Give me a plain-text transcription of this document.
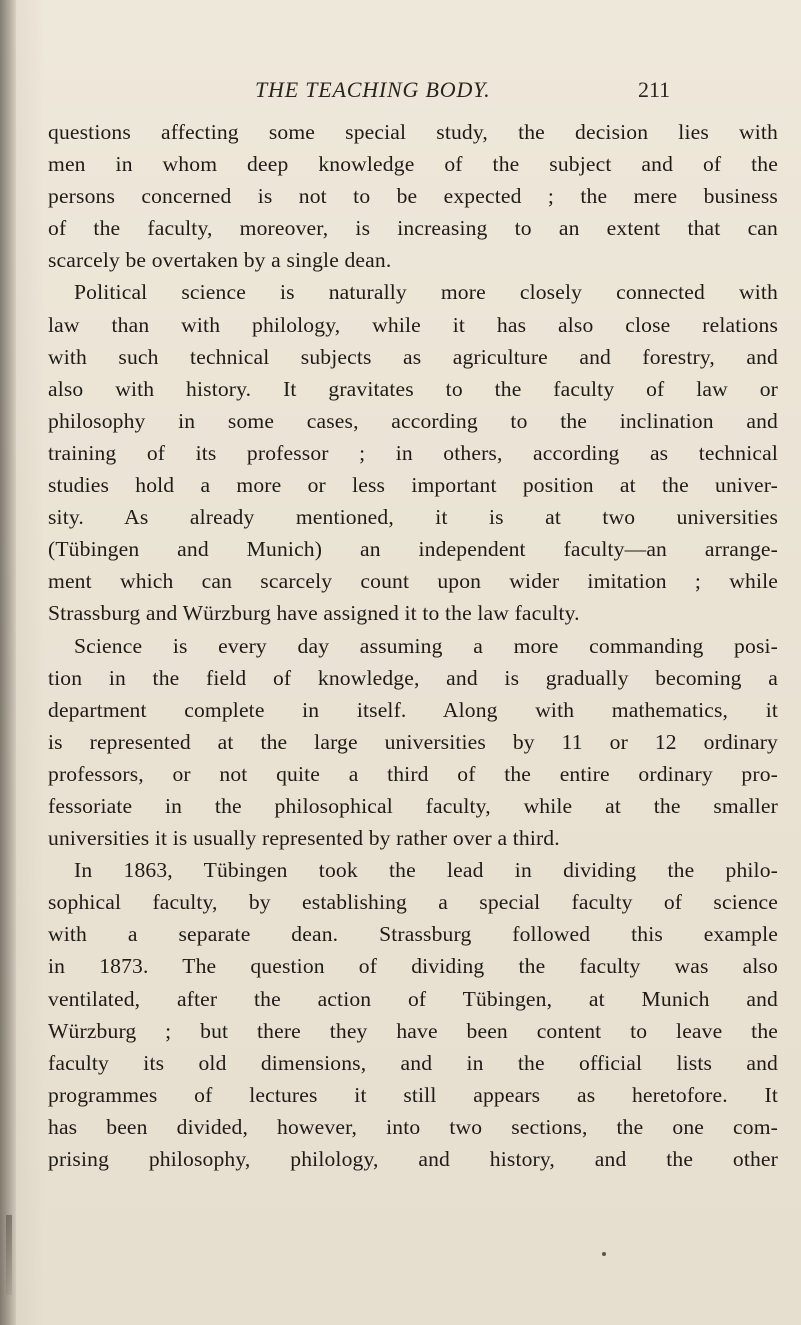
THE TEACHING BODY.	211
questions affecting some special study, the decision lies with
men in whom deep knowledge of the subject and of the
persons concerned is not to be expected ; the mere business
of the faculty, moreover, is increasing to an extent that can
scarcely be overtaken by a single dean.
Political science is naturally more closely connected with
law than with philology, while it has also close relations
with such technical subjects as agriculture and forestry, and
also with history. It gravitates to the faculty of law or
philosophy in some cases, according to the inclination and
training of its professor ; in others, according as technical
studies hold a more or less important position at the univer-
sity. As already mentioned, it is at two universities
(Tübingen and Munich) an independent faculty—an arrange-
ment which can scarcely count upon wider imitation ; while
Strassburg and Würzburg have assigned it to the law faculty.
Science is every day assuming a more commanding posi-
tion in the field of knowledge, and is gradually becoming a
department complete in itself. Along with mathematics, it
is represented at the large universities by 11 or 12 ordinary
professors, or not quite a third of the entire ordinary pro-
fessoriate in the philosophical faculty, while at the smaller
universities it is usually represented by rather over a third.
In 1863, Tübingen took the lead in dividing the philo-
sophical faculty, by establishing a special faculty of science
with a separate dean. Strassburg followed this example
in 1873. The question of dividing the faculty was also
ventilated, after the action of Tübingen, at Munich and
Würzburg ; but there they have been content to leave the
faculty its old dimensions, and in the official lists and
programmes of lectures it still appears as heretofore. It
has been divided, however, into two sections, the one com-
prising philosophy, philology, and history, and the other
